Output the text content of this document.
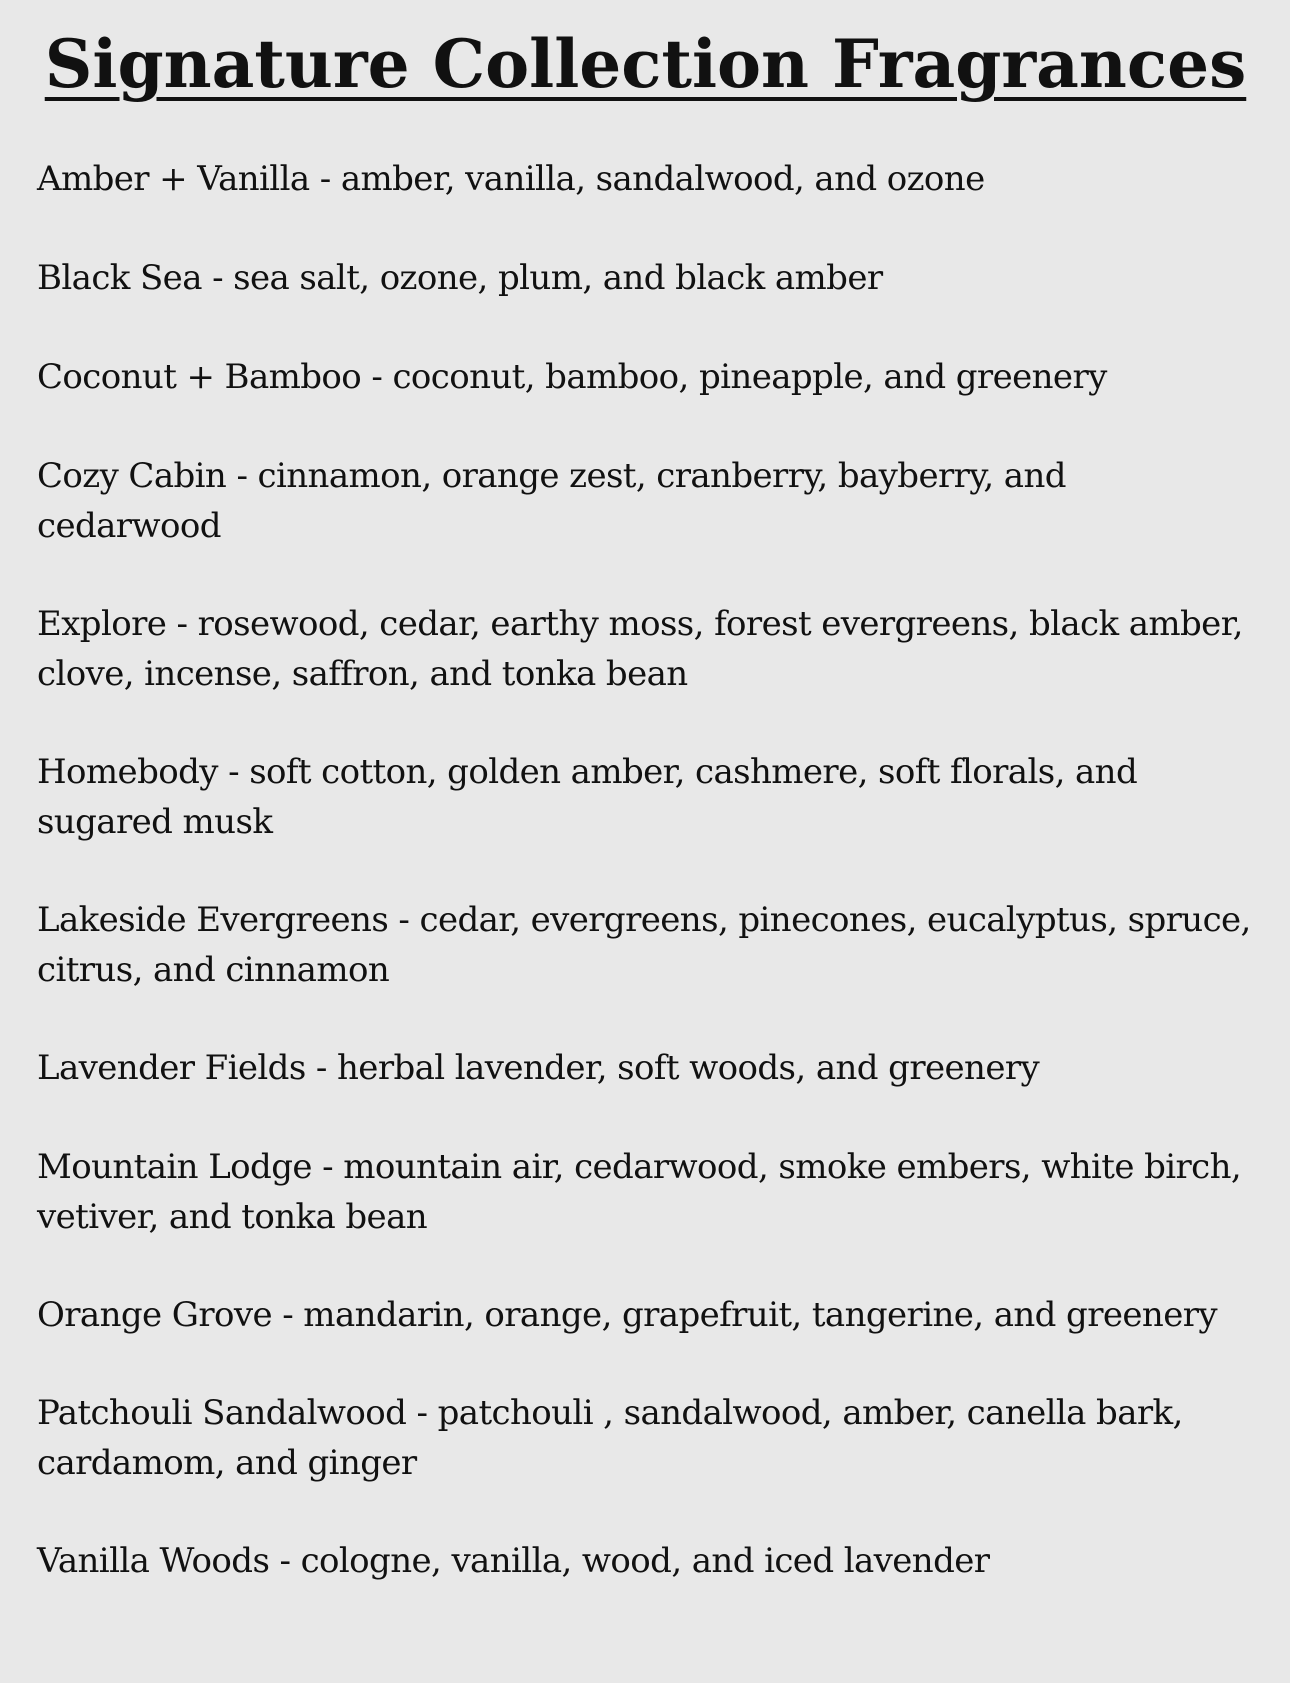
Signature Collection Fragrances
Amber + Vanilla - amber, vanilla, sandalwood, and ozone
Black Sea - sea salt, ozone, plum, and black amber
Coconut + Bamboo - coconut, bamboo, pineapple, and greenery
Cozy Cabin - cinnamon, orange zest, cranberry, bayberry, and cedarwood
Explore - rosewood, cedar, earthy moss, forest evergreens, black amber, clove, incense, saffron, and tonka bean
Homebody - soft cotton, golden amber, cashmere, soft florals, and sugared musk
Lakeside Evergreens - cedar, evergreens, pinecones, eucalyptus, spruce, citrus, and cinnamon
Lavender Fields - herbal lavender, soft woods, and greenery
Mountain Lodge - mountain air, cedarwood, smoke embers, white birch, vetiver, and tonka bean
Orange Grove - mandarin, orange, grapefruit, tangerine, and greenery
Patchouli Sandalwood - patchouli , sandalwood, amber, canella bark, cardamom, and ginger
Vanilla Woods - cologne, vanilla, wood, and iced lavender
